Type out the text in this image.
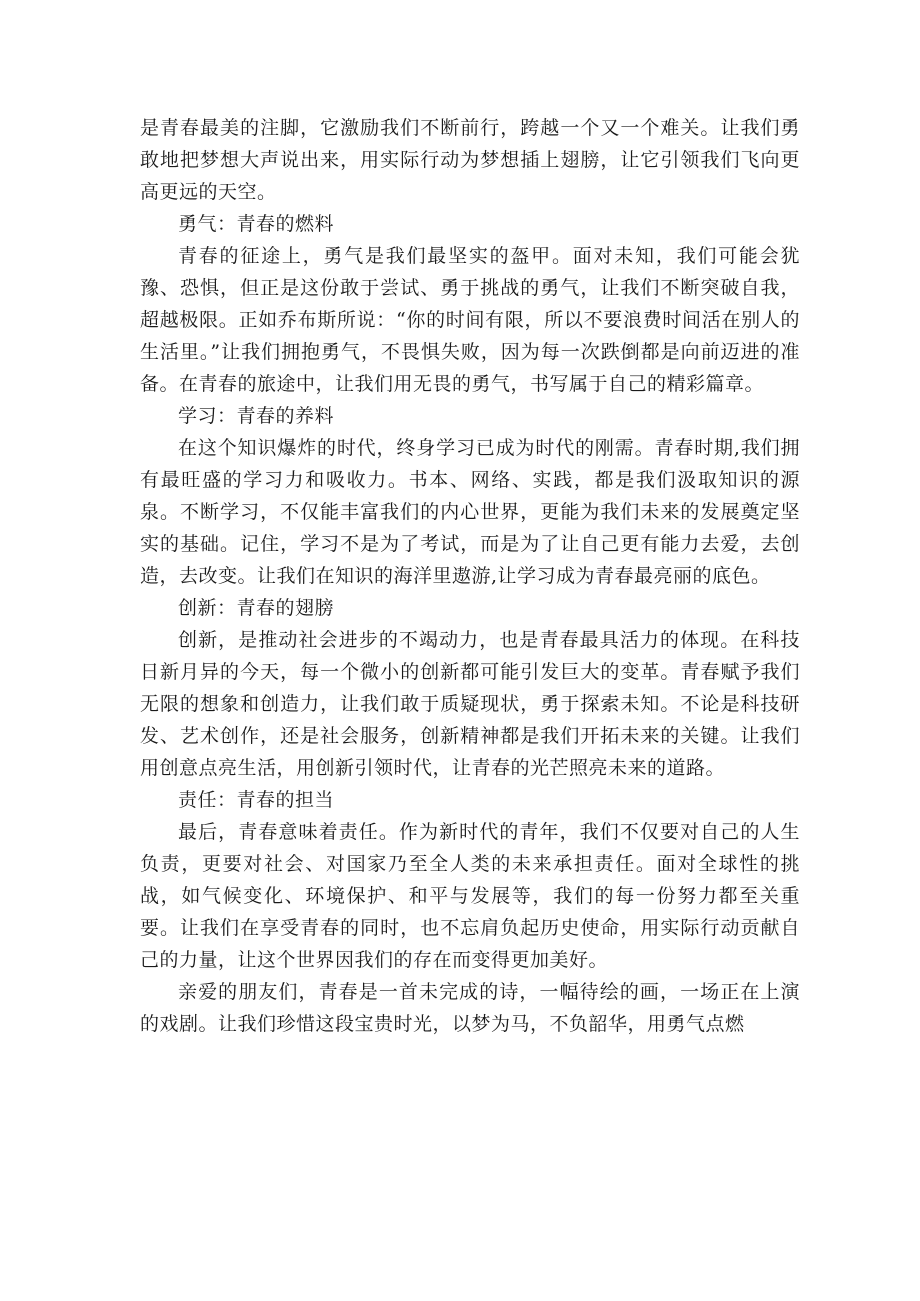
是青春最美的注脚，它激励我们不断前行，跨越一个又一个难关。让我们勇敢地把梦想大声说出来，用实际行动为梦想插上翅膀，让它引领我们飞向更高更远的天空。

勇气：青春的燃料

青春的征途上，勇气是我们最坚实的盔甲。面对未知，我们可能会犹豫、恐惧，但正是这份敢于尝试、勇于挑战的勇气，让我们不断突破自我，超越极限。正如乔布斯所说：“你的时间有限，所以不要浪费时间活在别人的生活里。”让我们拥抱勇气，不畏惧失败，因为每一次跌倒都是向前迈进的准备。在青春的旅途中，让我们用无畏的勇气，书写属于自己的精彩篇章。

学习：青春的养料

在这个知识爆炸的时代，终身学习已成为时代的刚需。青春时期,我们拥有最旺盛的学习力和吸收力。书本、网络、实践，都是我们汲取知识的源泉。不断学习，不仅能丰富我们的内心世界，更能为我们未来的发展奠定坚实的基础。记住，学习不是为了考试，而是为了让自己更有能力去爱，去创造，去改变。让我们在知识的海洋里遨游,让学习成为青春最亮丽的底色。

创新：青春的翅膀

创新，是推动社会进步的不竭动力，也是青春最具活力的体现。在科技日新月异的今天，每一个微小的创新都可能引发巨大的变革。青春赋予我们无限的想象和创造力，让我们敢于质疑现状，勇于探索未知。不论是科技研发、艺术创作，还是社会服务，创新精神都是我们开拓未来的关键。让我们用创意点亮生活，用创新引领时代，让青春的光芒照亮未来的道路。

责任：青春的担当

最后，青春意味着责任。作为新时代的青年，我们不仅要对自己的人生负责，更要对社会、对国家乃至全人类的未来承担责任。面对全球性的挑战，如气候变化、环境保护、和平与发展等，我们的每一份努力都至关重要。让我们在享受青春的同时，也不忘肩负起历史使命，用实际行动贡献自己的力量，让这个世界因我们的存在而变得更加美好。

亲爱的朋友们，青春是一首未完成的诗，一幅待绘的画，一场正在上演的戏剧。让我们珍惜这段宝贵时光，以梦为马，不负韶华，用勇气点燃
